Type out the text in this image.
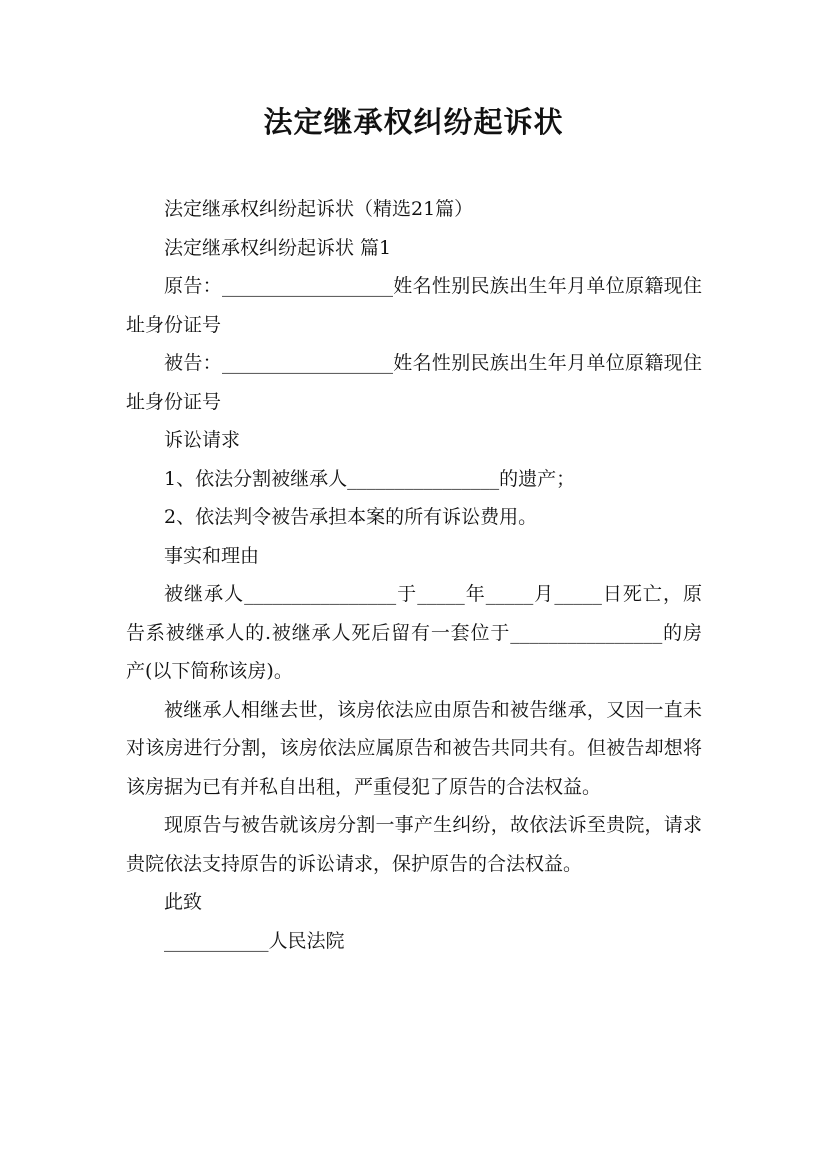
法定继承权纠纷起诉状

法定继承权纠纷起诉状（精选21篇）

法定继承权纠纷起诉状 篇1

原告：__________________姓名性别民族出生年月单位原籍现住址身份证号

被告：__________________姓名性别民族出生年月单位原籍现住址身份证号

诉讼请求

1、依法分割被继承人________________的遗产；

2、依法判令被告承担本案的所有诉讼费用。

事实和理由

被继承人________________于_____年_____月_____日死亡，原告系被继承人的.被继承人死后留有一套位于________________的房产(以下简称该房)。

被继承人相继去世，该房依法应由原告和被告继承，又因一直未对该房进行分割，该房依法应属原告和被告共同共有。但被告却想将该房据为已有并私自出租，严重侵犯了原告的合法权益。

现原告与被告就该房分割一事产生纠纷，故依法诉至贵院，请求贵院依法支持原告的诉讼请求，保护原告的合法权益。

此致

___________人民法院
